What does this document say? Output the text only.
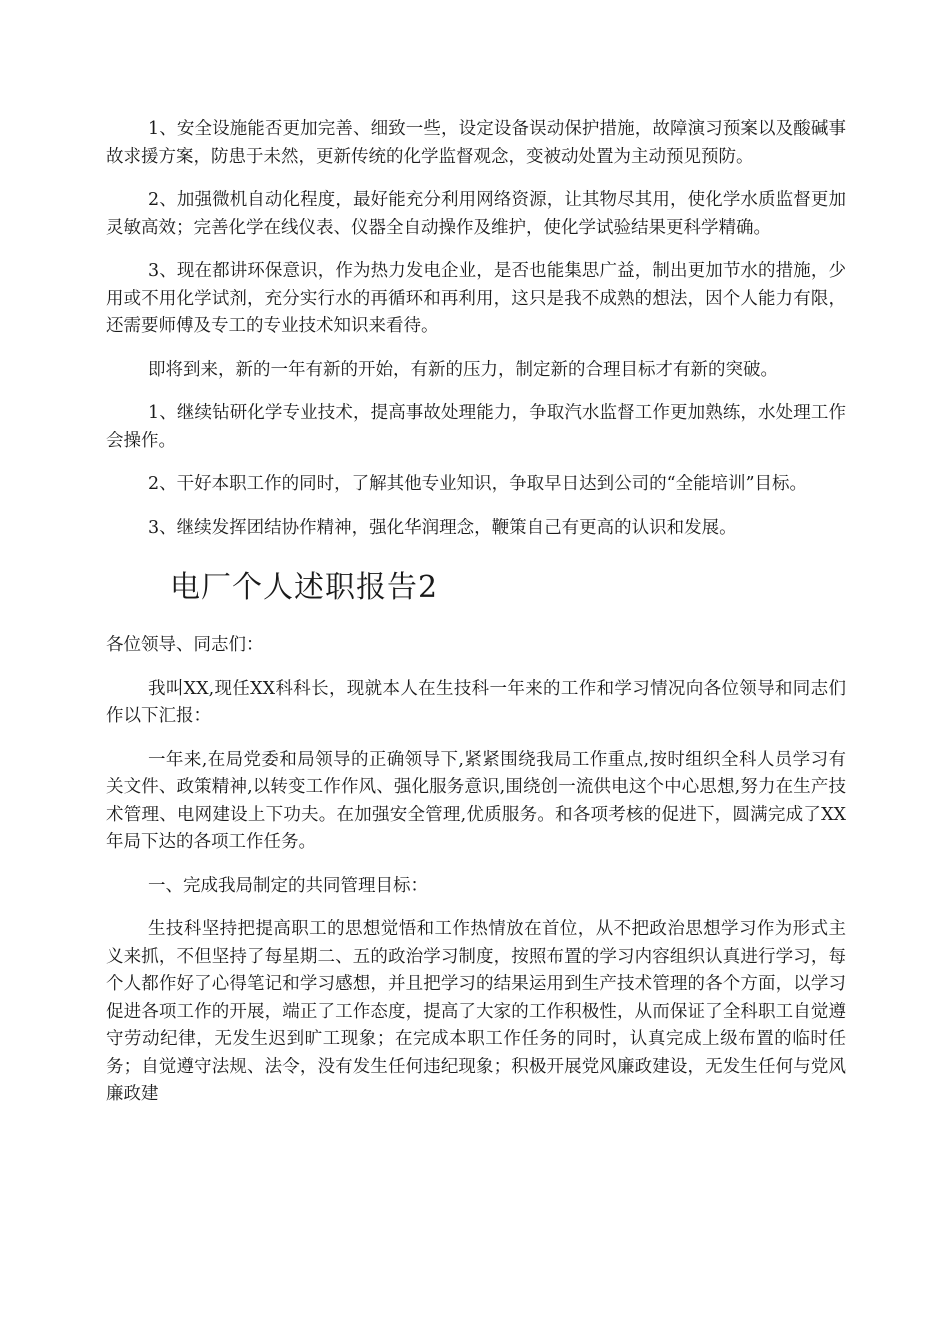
1、安全设施能否更加完善、细致一些，设定设备误动保护措施，故障演习预案以及酸碱事故求援方案，防患于未然，更新传统的化学监督观念，变被动处置为主动预见预防。

2、加强微机自动化程度，最好能充分利用网络资源，让其物尽其用，使化学水质监督更加灵敏高效；完善化学在线仪表、仪器全自动操作及维护，使化学试验结果更科学精确。

3、现在都讲环保意识，作为热力发电企业，是否也能集思广益，制出更加节水的措施，少用或不用化学试剂，充分实行水的再循环和再利用，这只是我不成熟的想法，因个人能力有限，还需要师傅及专工的专业技术知识来看待。

即将到来，新的一年有新的开始，有新的压力，制定新的合理目标才有新的突破。

1、继续钻研化学专业技术，提高事故处理能力，争取汽水监督工作更加熟练，水处理工作会操作。

2、干好本职工作的同时，了解其他专业知识，争取早日达到公司的“全能培训”目标。

3、继续发挥团结协作精神，强化华润理念，鞭策自己有更高的认识和发展。

电厂个人述职报告2

各位领导、同志们：

我叫XX,现任XX科科长，现就本人在生技科一年来的工作和学习情况向各位领导和同志们作以下汇报：

一年来,在局党委和局领导的正确领导下,紧紧围绕我局工作重点,按时组织全科人员学习有关文件、政策精神,以转变工作作风、强化服务意识,围绕创一流供电这个中心思想,努力在生产技术管理、电网建设上下功夫。在加强安全管理,优质服务。和各项考核的促进下，圆满完成了XX年局下达的各项工作任务。

一、完成我局制定的共同管理目标：

生技科坚持把提高职工的思想觉悟和工作热情放在首位，从不把政治思想学习作为形式主义来抓，不但坚持了每星期二、五的政治学习制度，按照布置的学习内容组织认真进行学习，每个人都作好了心得笔记和学习感想，并且把学习的结果运用到生产技术管理的各个方面，以学习促进各项工作的开展，端正了工作态度，提高了大家的工作积极性，从而保证了全科职工自觉遵守劳动纪律，无发生迟到旷工现象；在完成本职工作任务的同时，认真完成上级布置的临时任务；自觉遵守法规、法令，没有发生任何违纪现象；积极开展党风廉政建设，无发生任何与党风廉政建
